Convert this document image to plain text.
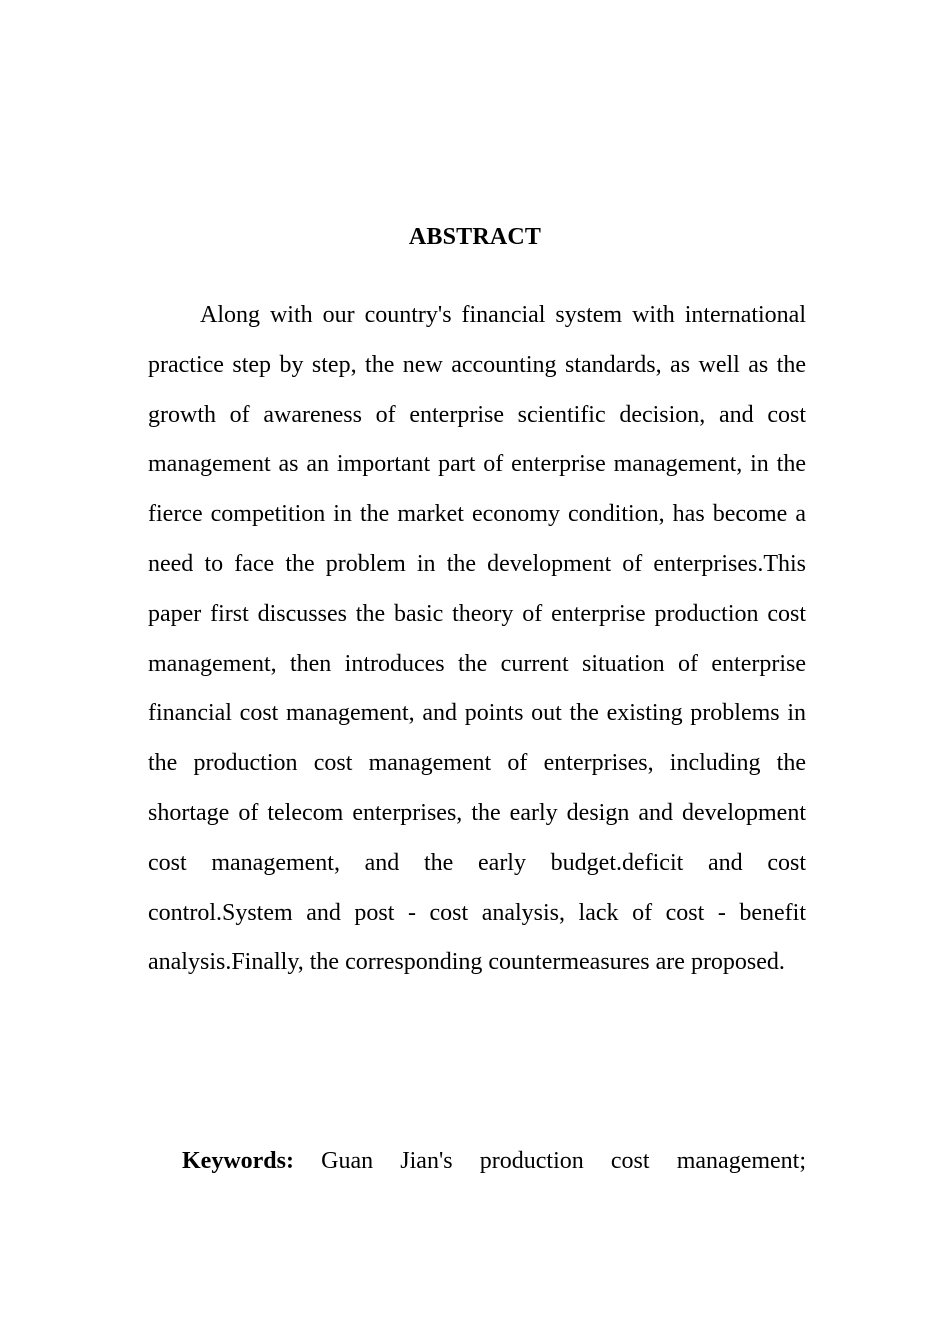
ABSTRACT

Along with our country's financial system with international practice step by step, the new accounting standards, as well as the growth of awareness of enterprise scientific decision, and cost management as an important part of enterprise management, in the fierce competition in the market economy condition, has become a need to face the problem in the development of enterprises.This paper first discusses the basic theory of enterprise production cost management, then introduces the current situation of enterprise financial cost management, and points out the existing problems in the production cost management of enterprises, including the shortage of telecom enterprises, the early design and development cost management, and the early budget.deficit and cost control.System and post - cost analysis, lack of cost - benefit analysis.Finally, the corresponding countermeasures are proposed.

Keywords: Guan Jian's production cost management;
